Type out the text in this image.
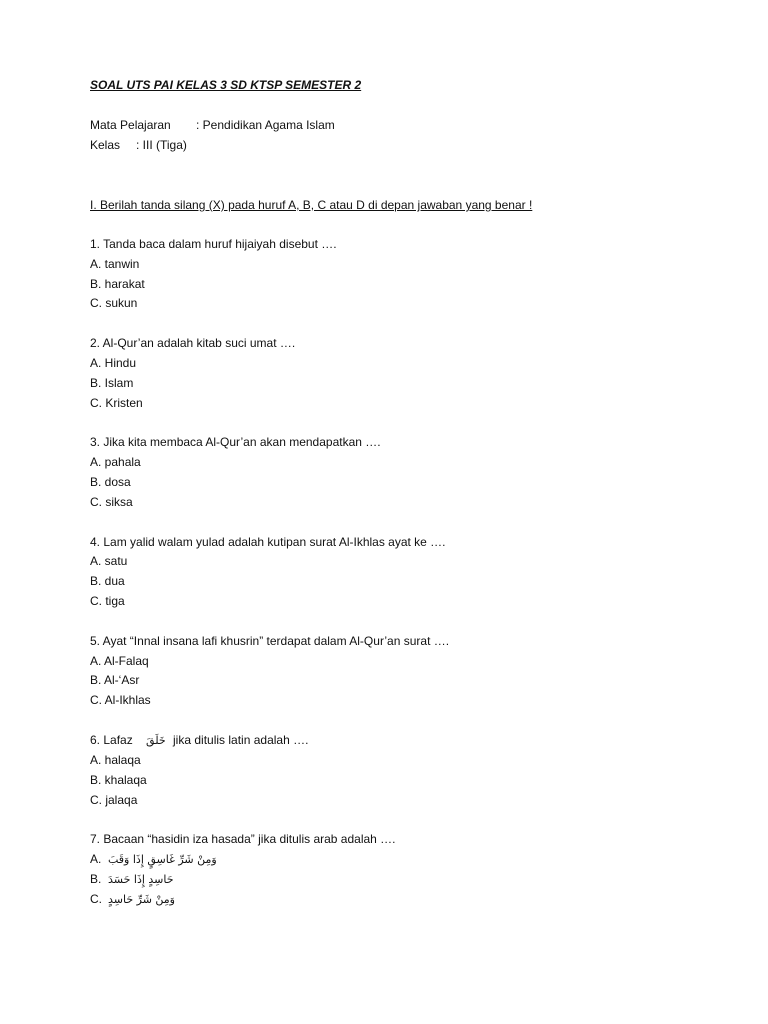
SOAL UTS PAI KELAS 3 SD KTSP SEMESTER 2
Mata Pelajaran : Pendidikan Agama Islam
Kelas : III (Tiga)
I. Berilah tanda silang (X) pada huruf A, B, C atau D di depan jawaban yang benar !
1. Tanda baca dalam huruf hijaiyah disebut ….
A. tanwin
B. harakat
C. sukun
2. Al-Qur’an adalah kitab suci umat ….
A. Hindu
B. Islam
C. Kristen
3. Jika kita membaca Al-Qur’an akan mendapatkan ….
A. pahala
B. dosa
C. siksa
4. Lam yalid walam yulad adalah kutipan surat Al-Ikhlas ayat ke ….
A. satu
B. dua
C. tiga
5. Ayat “Innal insana lafi khusrin” terdapat dalam Al-Qur’an surat ….
A. Al-Falaq
B. Al-‘Asr
C. Al-Ikhlas
6. Lafaz خَلَقَ jika ditulis latin adalah ….
A. halaqa
B. khalaqa
C. jalaqa
7. Bacaan “hasidin iza hasada” jika ditulis arab adalah ….
A. وَمِنْ شَرِّ غَاسِقٍ إِذَا وَقَبَ
B. حَاسِدٍ إِذَا حَسَدَ
C. وَمِنْ شَرِّ حَاسِدٍ
